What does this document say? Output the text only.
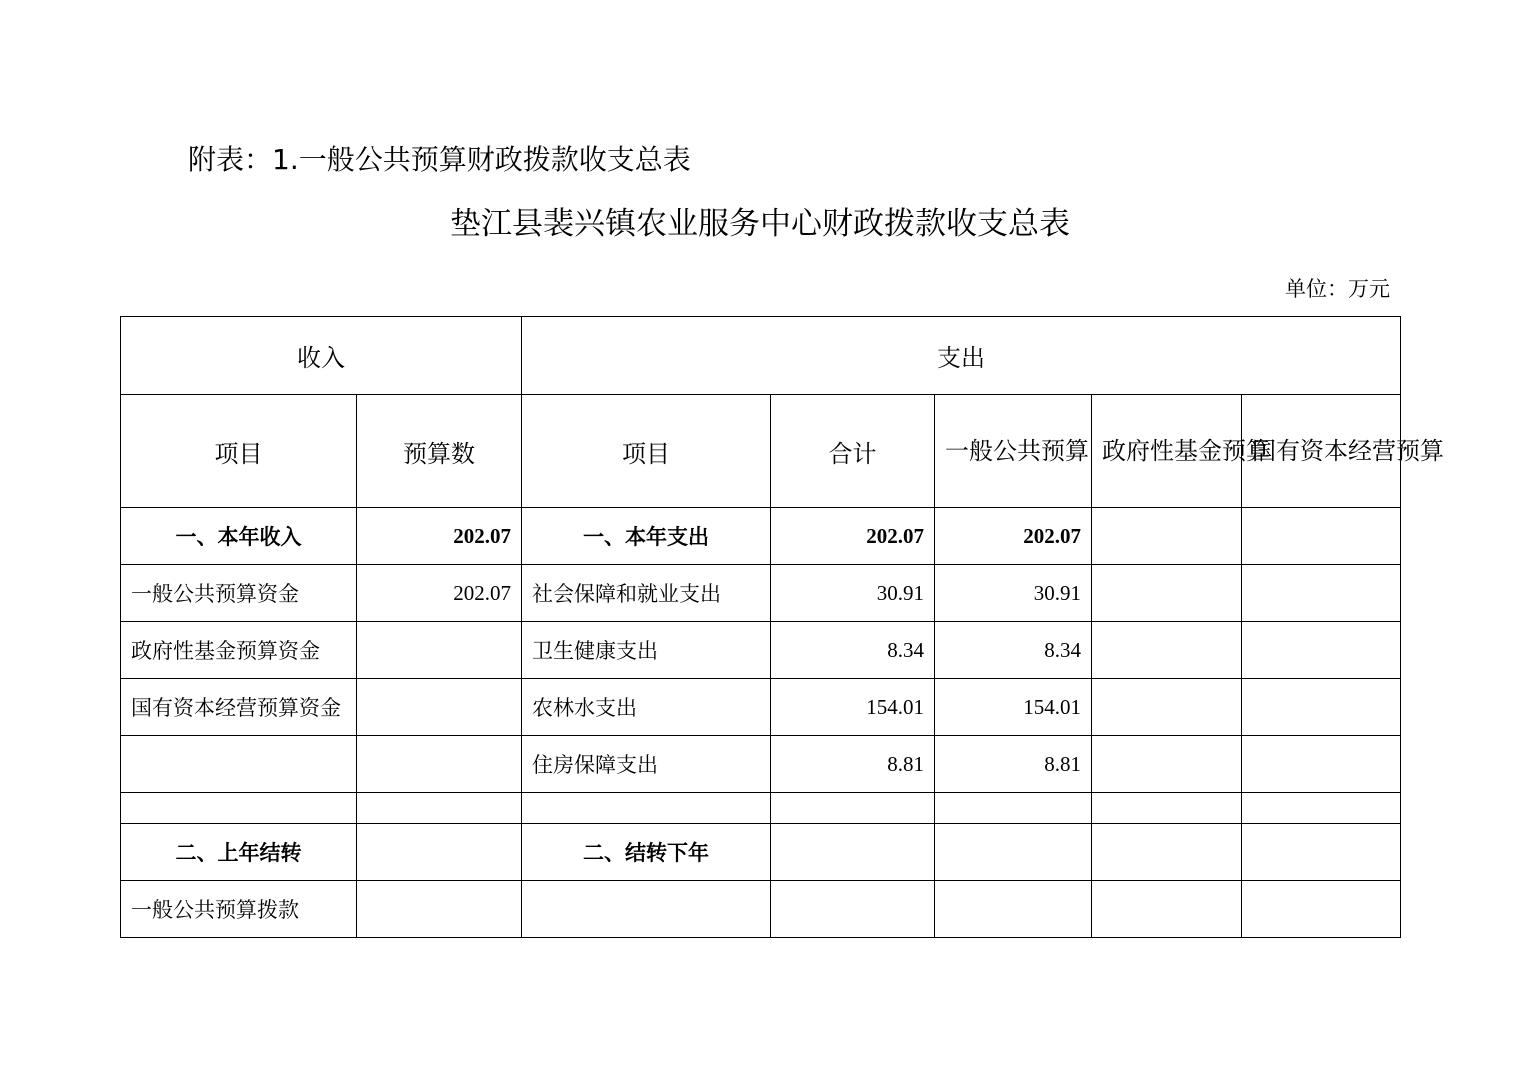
附表：1.一般公共预算财政拨款收支总表
垫江县裴兴镇农业服务中心财政拨款收支总表
单位：万元
收入		支出				
项目	预算数	项目	合计	一般公共预算	政府性基金预算	国有资本经营预算
一、本年收入	202.07	一、本年支出	202.07	202.07		
一般公共预算资金	202.07	社会保障和就业支出	30.91	30.91		
政府性基金预算资金		卫生健康支出	8.34	8.34		
国有资本经营预算资金		农林水支出	154.01	154.01		
		住房保障支出	8.81	8.81		

二、上年结转		二、结转下年				
一般公共预算拨款						
